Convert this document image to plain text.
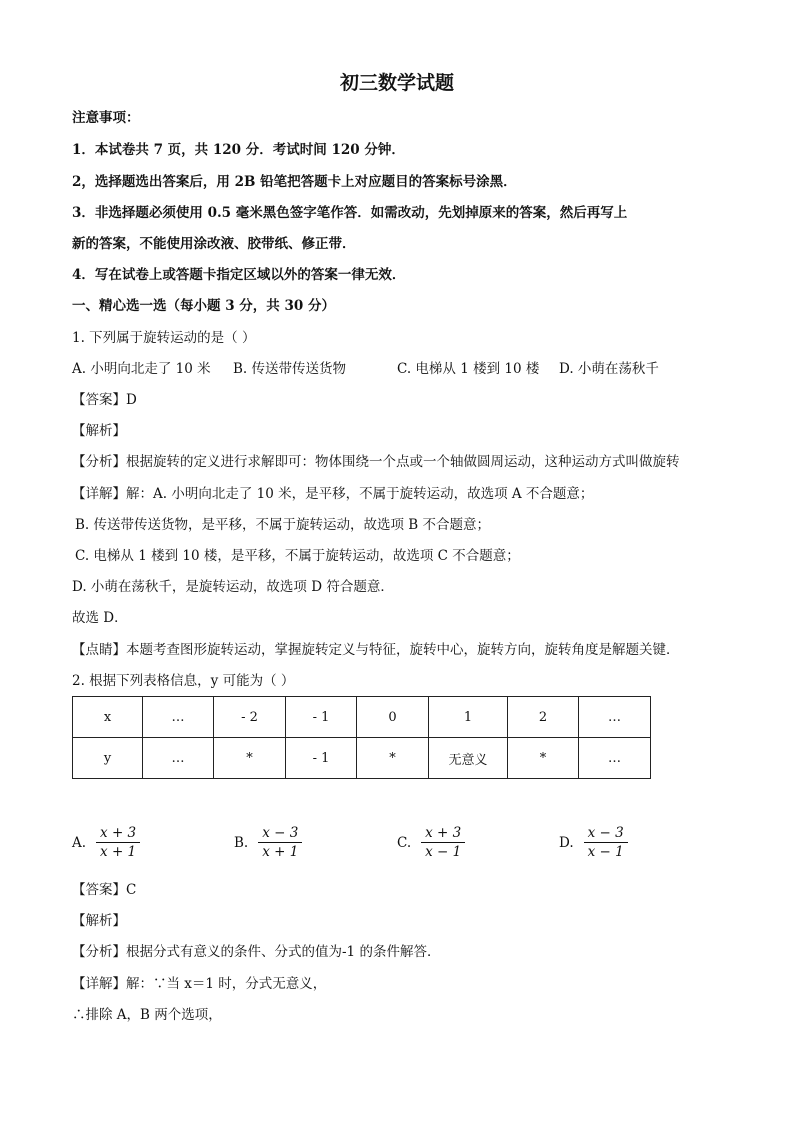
初三数学试题
注意事项：
1．本试卷共 7 页，共 120 分．考试时间 120 分钟．
2，选择题选出答案后，用 2B 铅笔把答题卡上对应题目的答案标号涂黑．
3．非选择题必须使用 0.5 毫米黑色签字笔作答．如需改动，先划掉原来的答案，然后再写上
新的答案，不能使用涂改液、胶带纸、修正带．
4．写在试卷上或答题卡指定区域以外的答案一律无效．
一、精心选一选（每小题 3 分，共 30 分）
1. 下列属于旋转运动的是（ ）
A. 小明向北走了 10 米 B. 传送带传送货物	C. 电梯从 1 楼到 10 楼 D. 小萌在荡秋千
【答案】D
【解析】
【分析】根据旋转的定义进行求解即可：物体围绕一个点或一个轴做圆周运动，这种运动方式叫做旋转
【详解】解：A. 小明向北走了 10 米，是平移，不属于旋转运动，故选项 A 不合题意；
B. 传送带传送货物，是平移，不属于旋转运动，故选项 B 不合题意；
C. 电梯从 1 楼到 10 楼，是平移，不属于旋转运动，故选项 C 不合题意；
D. 小萌在荡秋千，是旋转运动，故选项 D 符合题意．
故选 D．
【点睛】本题考查图形旋转运动，掌握旋转定义与特征，旋转中心，旋转方向，旋转角度是解题关键．
2. 根据下列表格信息，y 可能为（ ）
x	…	- 2	- 1	0	1	2	…
y	…	*	- 1	*	无意义	*	…
A. $\frac{x + 3}{x + 1}$	B. $\frac{x - 3}{x + 1}$	C. $\frac{x + 3}{x - 1}$	D. $\frac{x - 3}{x - 1}$
【答案】C
【解析】
【分析】根据分式有意义的条件、分式的值为-1 的条件解答．
【详解】解：∵当 x＝1 时，分式无意义，
∴排除 A，B 两个选项，
